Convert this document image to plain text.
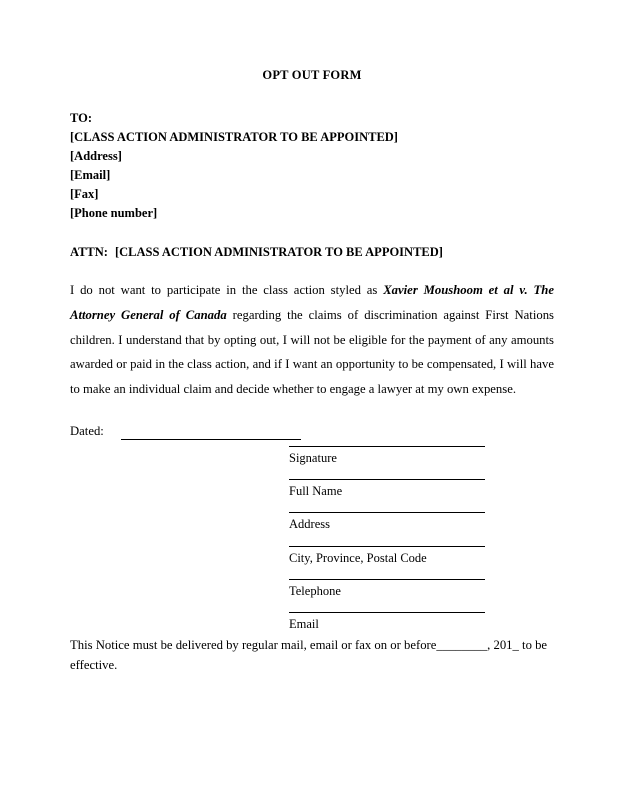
OPT OUT FORM
TO:
[CLASS ACTION ADMINISTRATOR TO BE APPOINTED]
[Address]
[Email]
[Fax]
[Phone number]
ATTN: [CLASS ACTION ADMINISTRATOR TO BE APPOINTED]

I do not want to participate in the class action styled as Xavier Moushoom et al v. The Attorney General of Canada regarding the claims of discrimination against First Nations children. I understand that by opting out, I will not be eligible for the payment of any amounts awarded or paid in the class action, and if I want an opportunity to be compensated, I will have to make an individual claim and decide whether to engage a lawyer at my own expense.

Dated:
Signature
Full Name
Address
City, Province, Postal Code
Telephone
Email
This Notice must be delivered by regular mail, email or fax on or before________, 201_ to be effective.
